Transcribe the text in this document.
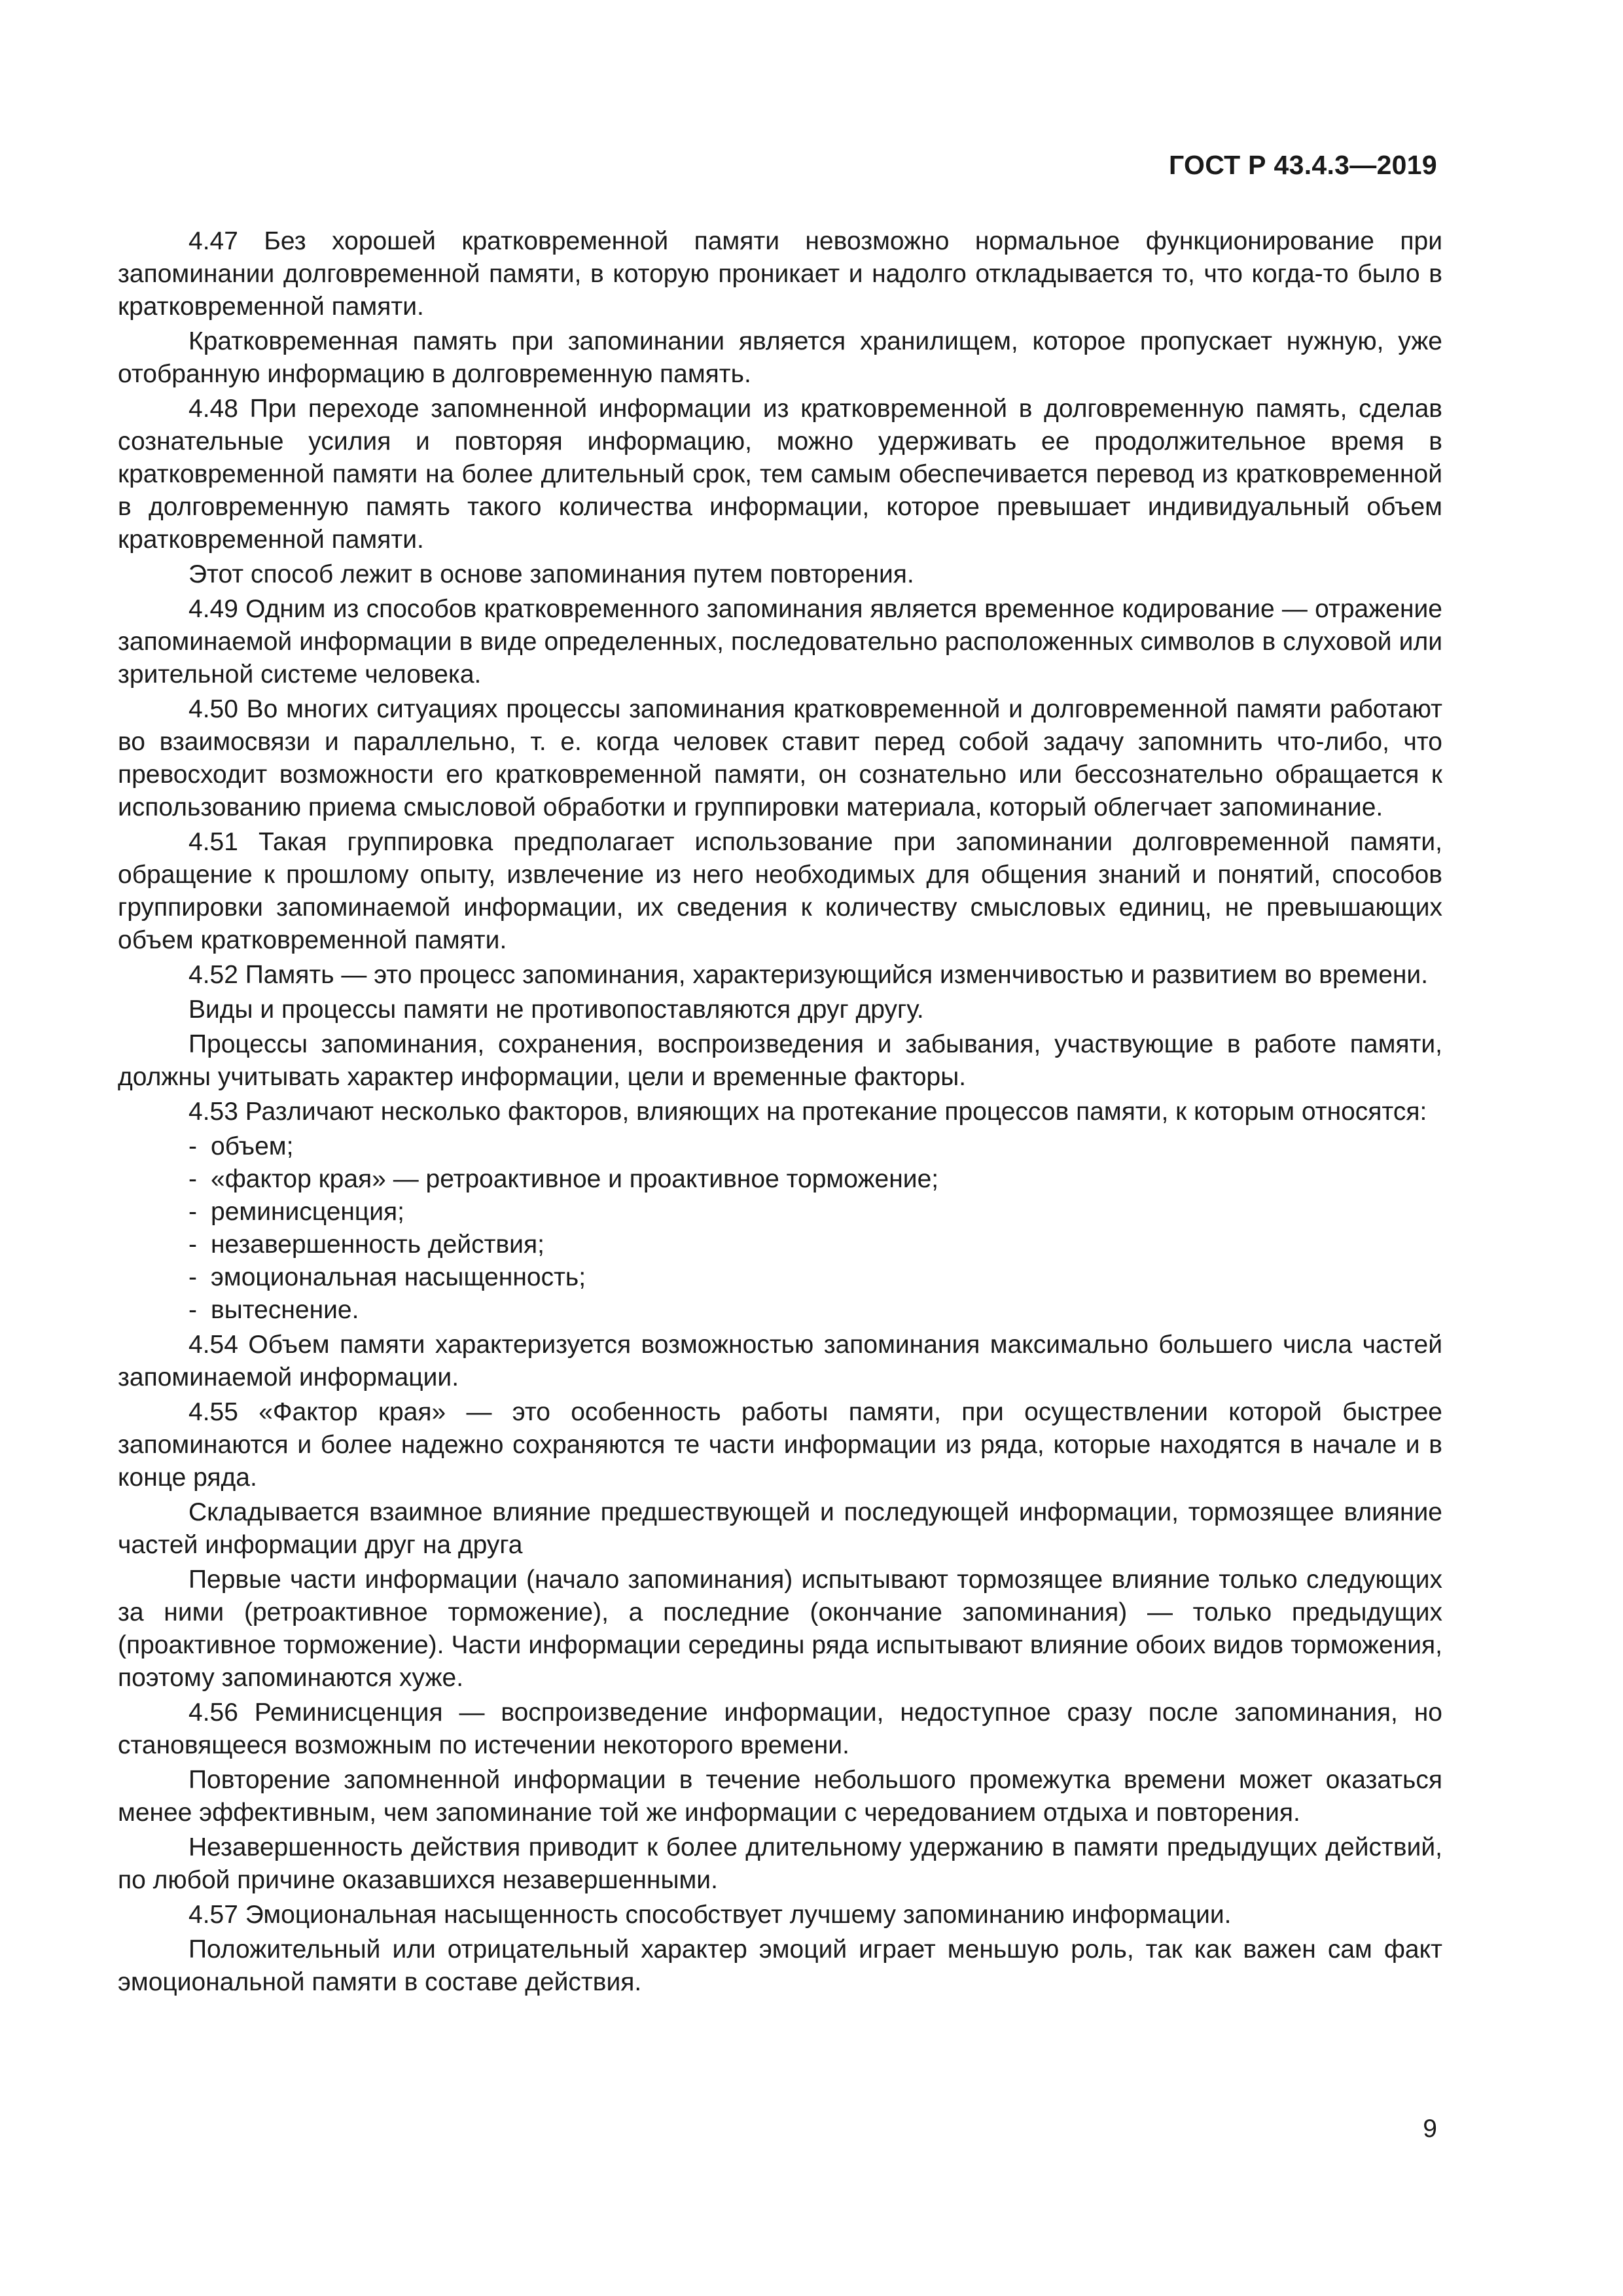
ГОСТ Р 43.4.3—2019

4.47 Без хорошей кратковременной памяти невозможно нормальное функционирование при запоминании долговременной памяти, в которую проникает и надолго откладывается то, что когда-то было в кратковременной памяти.

Кратковременная память при запоминании является хранилищем, которое пропускает нужную, уже отобранную информацию в долговременную память.

4.48 При переходе запомненной информации из кратковременной в долговременную память, сделав сознательные усилия и повторяя информацию, можно удерживать ее продолжительное время в кратковременной памяти на более длительный срок, тем самым обеспечивается перевод из кратковременной в долговременную память такого количества информации, которое превышает индивидуальный объем кратковременной памяти.

Этот способ лежит в основе запоминания путем повторения.

4.49 Одним из способов кратковременного запоминания является временное кодирование — отражение запоминаемой информации в виде определенных, последовательно расположенных символов в слуховой или зрительной системе человека.

4.50 Во многих ситуациях процессы запоминания кратковременной и долговременной памяти работают во взаимосвязи и параллельно, т. е. когда человек ставит перед собой задачу запомнить что-либо, что превосходит возможности его кратковременной памяти, он сознательно или бессознательно обращается к использованию приема смысловой обработки и группировки материала, который облегчает запоминание.

4.51 Такая группировка предполагает использование при запоминании долговременной памяти, обращение к прошлому опыту, извлечение из него необходимых для общения знаний и понятий, способов группировки запоминаемой информации, их сведения к количеству смысловых единиц, не превышающих объем кратковременной памяти.

4.52 Память — это процесс запоминания, характеризующийся изменчивостью и развитием во времени.

Виды и процессы памяти не противопоставляются друг другу.

Процессы запоминания, сохранения, воспроизведения и забывания, участвующие в работе памяти, должны учитывать характер информации, цели и временные факторы.

4.53 Различают несколько факторов, влияющих на протекание процессов памяти, к которым относятся:

- объем;
- «фактор края» — ретроактивное и проактивное торможение;
- реминисценция;
- незавершенность действия;
- эмоциональная насыщенность;
- вытеснение.

4.54 Объем памяти характеризуется возможностью запоминания максимально большего числа частей запоминаемой информации.

4.55 «Фактор края» — это особенность работы памяти, при осуществлении которой быстрее запоминаются и более надежно сохраняются те части информации из ряда, которые находятся в начале и в конце ряда.

Складывается взаимное влияние предшествующей и последующей информации, тормозящее влияние частей информации друг на друга

Первые части информации (начало запоминания) испытывают тормозящее влияние только следующих за ними (ретроактивное торможение), а последние (окончание запоминания) — только предыдущих (проактивное торможение). Части информации середины ряда испытывают влияние обоих видов торможения, поэтому запоминаются хуже.

4.56 Реминисценция — воспроизведение информации, недоступное сразу после запоминания, но становящееся возможным по истечении некоторого времени.

Повторение запомненной информации в течение небольшого промежутка времени может оказаться менее эффективным, чем запоминание той же информации с чередованием отдыха и повторения.

Незавершенность действия приводит к более длительному удержанию в памяти предыдущих действий, по любой причине оказавшихся незавершенными.

4.57 Эмоциональная насыщенность способствует лучшему запоминанию информации.

Положительный или отрицательный характер эмоций играет меньшую роль, так как важен сам факт эмоциональной памяти в составе действия.

9
